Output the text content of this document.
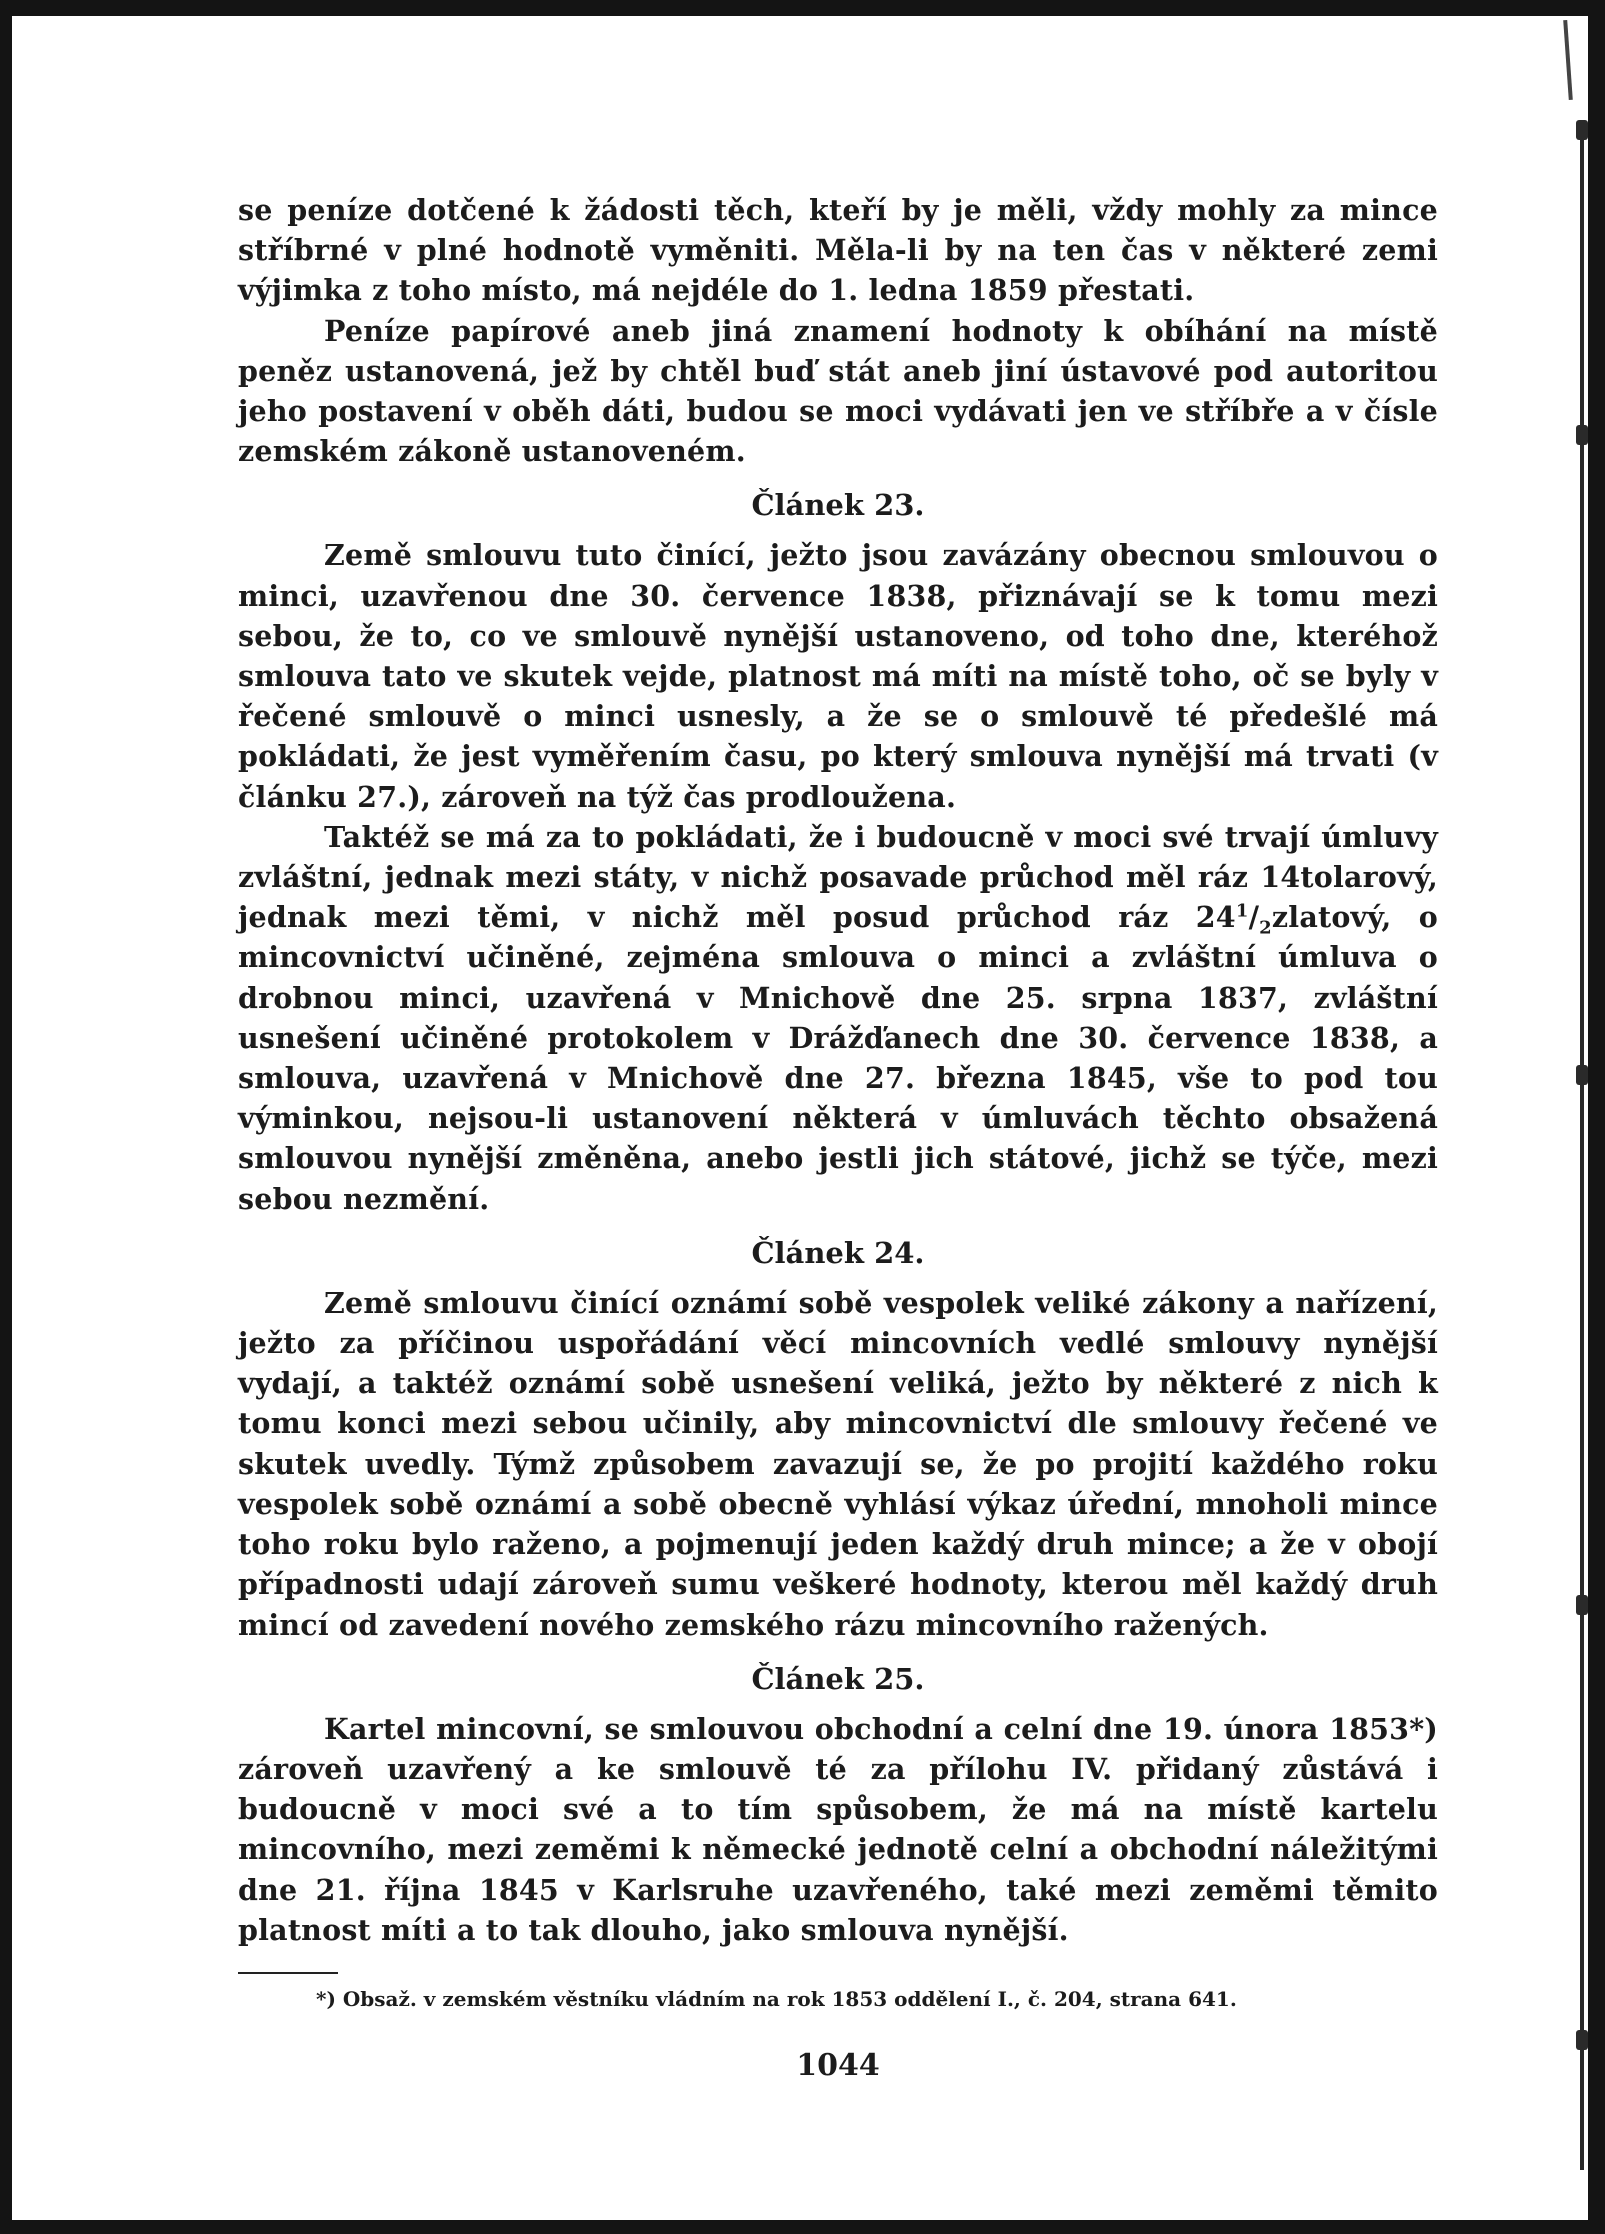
se peníze dotčené k žádosti těch, kteří by je měli, vždy mohly za mince stříbrné v plné hodnotě vyměniti. Měla-li by na ten čas v některé zemi výjimka z toho místo, má nejdéle do 1. ledna 1859 přestati.

Peníze papírové aneb jiná znamení hodnoty k obíhání na místě peněz ustanovená, jež by chtěl buď stát aneb jiní ústavové pod autoritou jeho postavení v oběh dáti, budou se moci vydávati jen ve stříbře a v čísle zemském zákoně ustanoveném.

Článek 23.

Země smlouvu tuto činící, ježto jsou zavázány obecnou smlouvou o minci, uzavřenou dne 30. července 1838, přiznávají se k tomu mezi sebou, že to, co ve smlouvě nynější ustanoveno, od toho dne, kteréhož smlouva tato ve skutek vejde, platnost má míti na místě toho, oč se byly v řečené smlouvě o minci usnesly, a že se o smlouvě té předešlé má pokládati, že jest vyměřením času, po který smlouva nynější má trvati (v článku 27.), zároveň na týž čas prodloužena.

Taktéž se má za to pokládati, že i budoucně v moci své trvají úmluvy zvláštní, jednak mezi státy, v nichž posavade průchod měl ráz 14tolarový, jednak mezi těmi, v nichž měl posud průchod ráz $24^1/_2zlatový$, o mincovnictví učiněné, zejména smlouva o minci a zvláštní úmluva o drobnou minci, uzavřená v Mnichově dne 25. srpna 1837, zvláštní usnešení učiněné protokolem v Drážďanech dne 30. července 1838, a smlouva, uzavřená v Mnichově dne 27. března 1845, vše to pod tou výminkou, nejsou-li ustanovení některá v úmluvách těchto obsažená smlouvou nynější změněna, anebo jestli jich státové, jichž se týče, mezi sebou nezmění.

Článek 24.

Země smlouvu činící oznámí sobě vespolek veliké zákony a nařízení, ježto za příčinou uspořádání věcí mincovních vedlé smlouvy nynější vydají, a taktéž oznámí sobě usnešení veliká, ježto by některé z nich k tomu konci mezi sebou učinily, aby mincovnictví dle smlouvy řečené ve skutek uvedly. Týmž způsobem zavazují se, že po projití každého roku vespolek sobě oznámí a sobě obecně vyhlásí výkaz úřední, mnoholi mince toho roku bylo raženo, a pojmenují jeden každý druh mince; a že v obojí případnosti udají zároveň sumu veškeré hodnoty, kterou měl každý druh mincí od zavedení nového zemského rázu mincovního ražených.

Článek 25.

Kartel mincovní, se smlouvou obchodní a celní dne 19. února 1853*) zároveň uzavřený a ke smlouvě té za přílohu IV. přidaný zůstává i budoucně v moci své a to tím spůsobem, že má na místě kartelu mincovního, mezi zeměmi k německé jednotě celní a obchodní náležitými dne 21. října 1845 v Karlsruhe uzavřeného, také mezi zeměmi těmito platnost míti a to tak dlouho, jako smlouva nynější.

*) Obsaž. v zemském věstníku vládním na rok 1853 oddělení I., č. 204, strana 641.
1044
